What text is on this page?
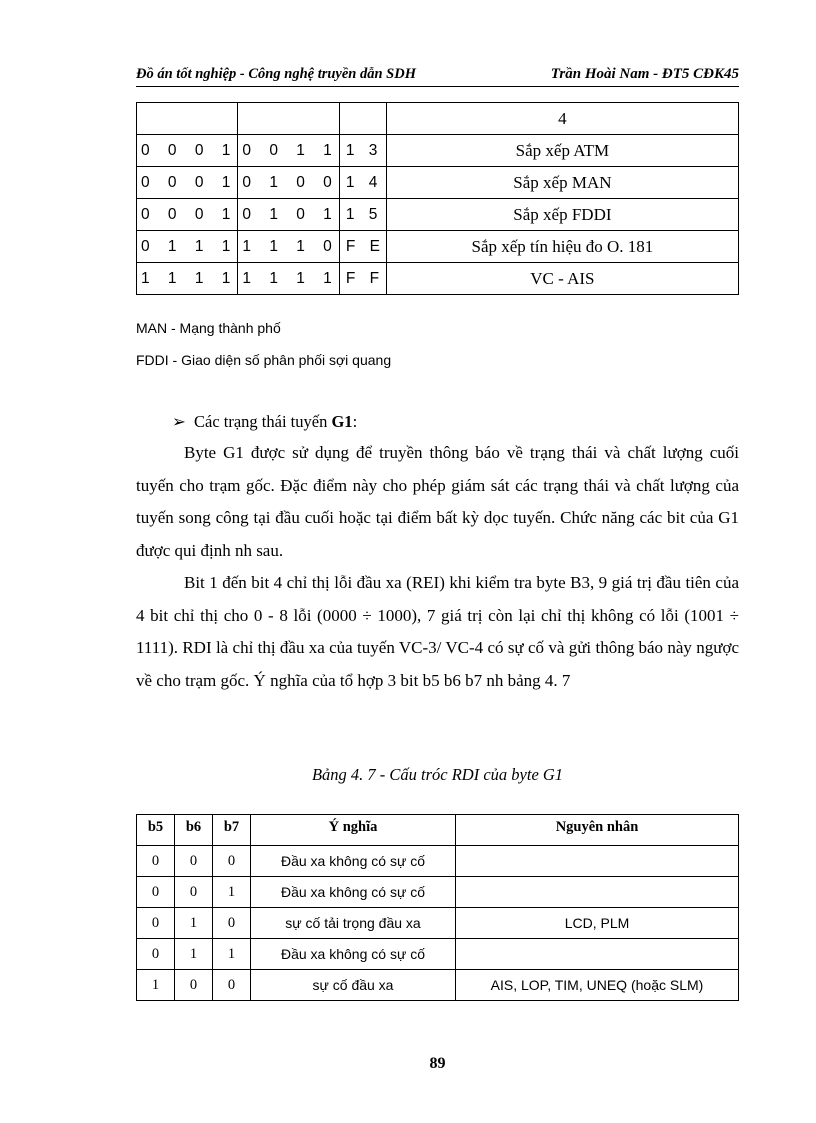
Đồ án tốt nghiệp - Công nghệ truyền dẫn SDH	Trần Hoài Nam - ĐT5 CĐK45
			4
0 0 0 1	0 0 1 1	1 3	Sắp xếp ATM
0 0 0 1	0 1 0 0	1 4	Sắp xếp MAN
0 0 0 1	0 1 0 1	1 5	Sắp xếp FDDI
0 1 1 1	1 1 1 0	F E	Sắp xếp tín hiệu đo O. 181
1 1 1 1	1 1 1 1	F F	VC - AIS
MAN - Mạng thành phố
FDDI - Giao diện số phân phối sợi quang
➢ Các trạng thái tuyến G1:
Byte G1 được sử dụng để truyền thông báo về trạng thái và chất lượng cuối tuyến cho trạm gốc. Đặc điểm này cho phép giám sát các trạng thái và chất lượng của tuyến song công tại đầu cuối hoặc tại điểm bất kỳ dọc tuyến. Chức năng các bit của G1 được qui định nh sau.
Bit 1 đến bit 4 chỉ thị lỗi đầu xa (REI) khi kiểm tra byte B3, 9 giá trị đầu tiên của 4 bit chỉ thị cho 0 - 8 lỗi (0000 ÷ 1000), 7 giá trị còn lại chỉ thị không có lỗi (1001 ÷ 1111). RDI là chỉ thị đầu xa của tuyến VC-3/ VC-4 có sự cố và gửi thông báo này ngược về cho trạm gốc. Ý nghĩa của tổ hợp 3 bit b5 b6 b7 nh bảng 4. 7
Bảng 4. 7 - Cấu tróc RDI của byte G1
b5	b6	b7	Ý nghĩa	Nguyên nhân
0	0	0	Đầu xa không có sự cố	
0	0	1	Đầu xa không có sự cố	
0	1	0	sự cố tải trọng đầu xa	LCD, PLM
0	1	1	Đầu xa không có sự cố	
1	0	0	sự cố đầu xa	AIS, LOP, TIM, UNEQ (hoặc SLM)
89
